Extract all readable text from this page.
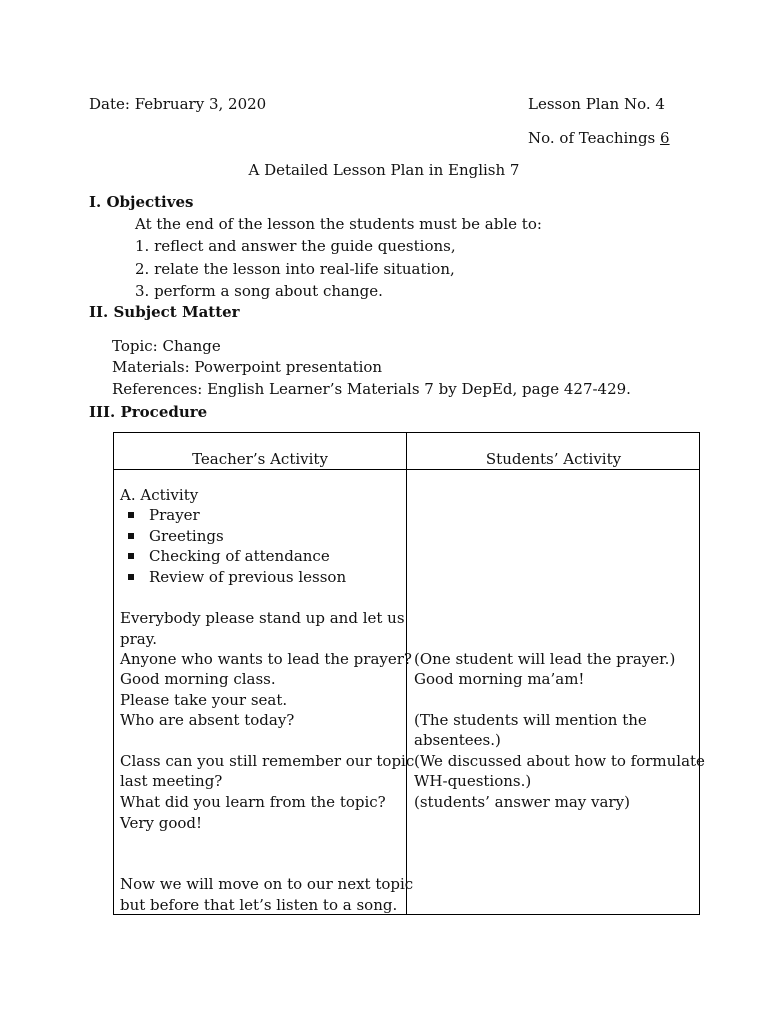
Date: February 3, 2020	Lesson Plan No. 4
No. of Teachings 6
A Detailed Lesson Plan in English 7
I. Objectives
At the end of the lesson the students must be able to:
1. reflect and answer the guide questions,
2. relate the lesson into real-life situation,
3. perform a song about change.
II. Subject Matter
Topic: Change
Materials: Powerpoint presentation
References: English Learner’s Materials 7 by DepEd, page 427-429.
III. Procedure
Teacher’s Activity	Students’ Activity
A. Activity
Prayer
Greetings
Checking of attendance
Review of previous lesson
Everybody please stand up and let us
pray.
Anyone who wants to lead the prayer?
Good morning class.
Please take your seat.
Who are absent today?
Class can you still remember our topic
last meeting?
What did you learn from the topic?
Very good!
Now we will move on to our next topic
but before that let’s listen to a song.
(One student will lead the prayer.)
Good morning ma’am!
(The students will mention the
absentees.)
(We discussed about how to formulate
WH-questions.)
(students’ answer may vary)
